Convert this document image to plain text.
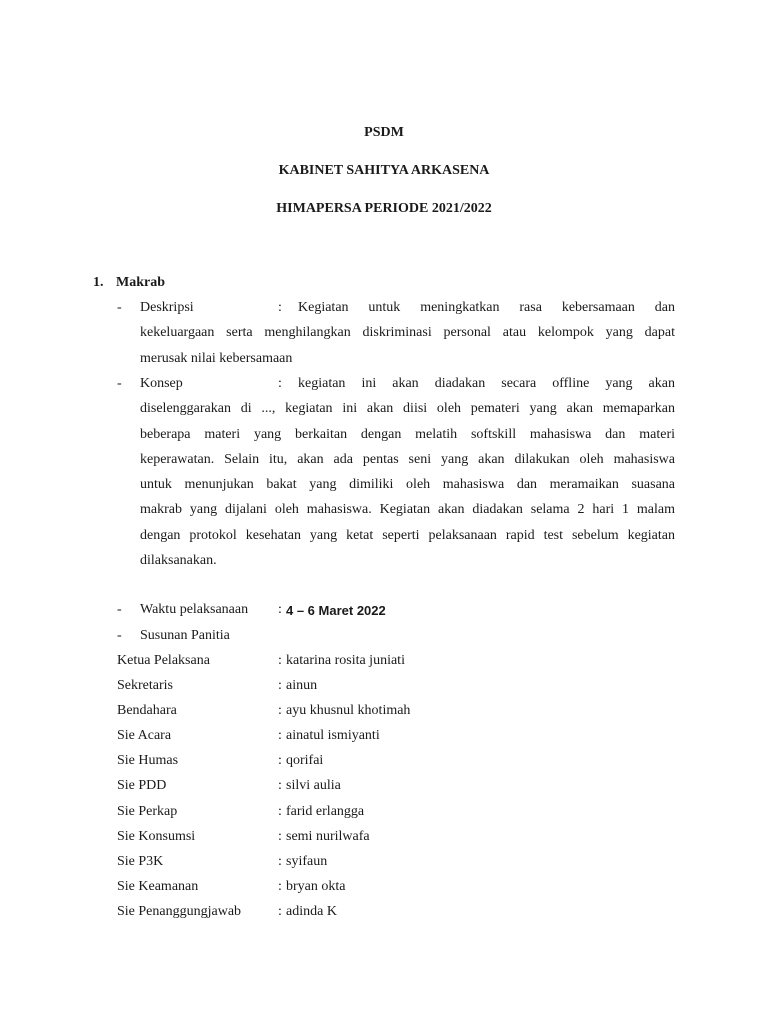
PSDM
KABINET SAHITYA ARKASENA
HIMAPERSA PERIODE 2021/2022
1. Makrab
- Deskripsi	:	Kegiatan untuk meningkatkan rasa kebersamaan dan
kekeluargaan serta menghilangkan diskriminasi personal atau kelompok yang dapat
merusak nilai kebersamaan
- Konsep	:	kegiatan ini akan diadakan secara offline yang akan
diselenggarakan di ..., kegiatan ini akan diisi oleh pemateri yang akan memaparkan
beberapa materi yang berkaitan dengan melatih softskill mahasiswa dan materi
keperawatan. Selain itu, akan ada pentas seni yang akan dilakukan oleh mahasiswa
untuk menunjukan bakat yang dimiliki oleh mahasiswa dan meramaikan suasana
makrab yang dijalani oleh mahasiswa. Kegiatan akan diadakan selama 2 hari 1 malam
dengan protokol kesehatan yang ketat seperti pelaksanaan rapid test sebelum kegiatan
dilaksanakan.
- Waktu pelaksanaan : 4 – 6 Maret 2022
- Susunan Panitia
Ketua Pelaksana	: katarina rosita juniati
Sekretaris	: ainun
Bendahara	: ayu khusnul khotimah
Sie Acara	: ainatul ismiyanti
Sie Humas	: qorifai
Sie PDD	: silvi aulia
Sie Perkap	: farid erlangga
Sie Konsumsi	: semi nurilwafa
Sie P3K	: syifaun
Sie Keamanan	: bryan okta
Sie Penanggungjawab	: adinda K
